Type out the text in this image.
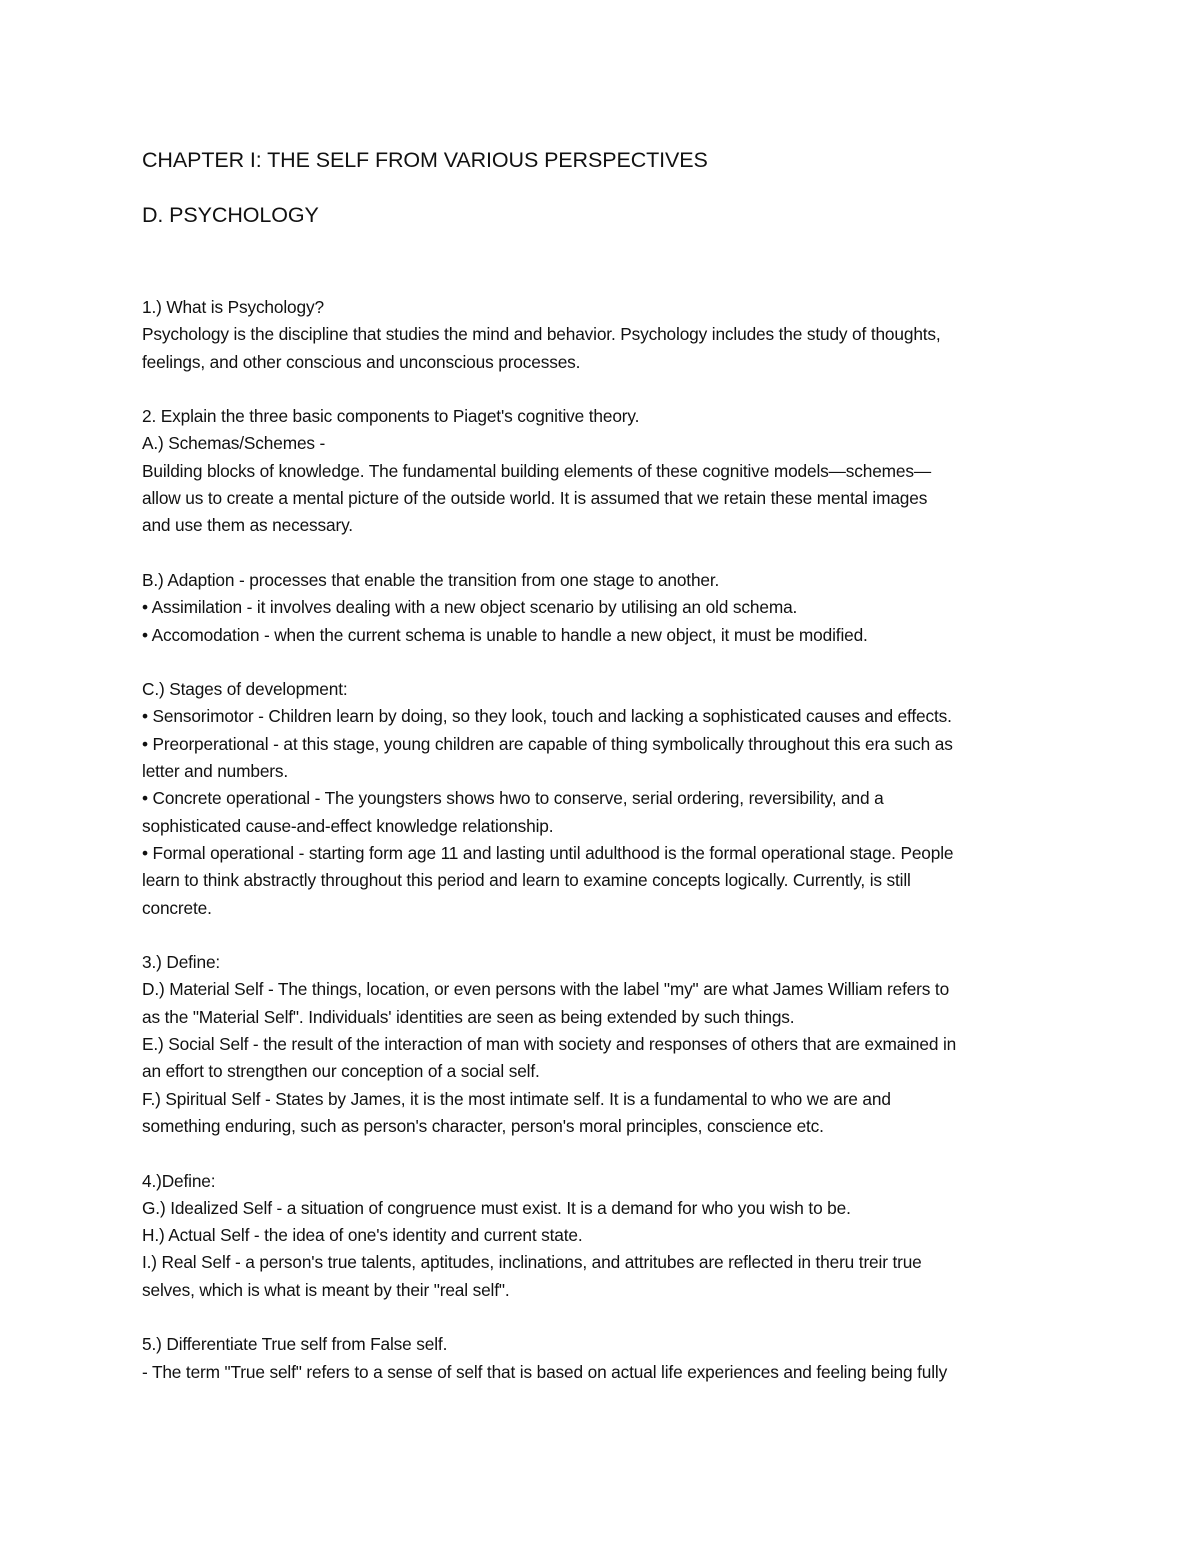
CHAPTER I: THE SELF FROM VARIOUS PERSPECTIVES
D. PSYCHOLOGY

1.) What is Psychology?

Psychology is the discipline that studies the mind and behavior. Psychology includes the study of thoughts,

feelings, and other conscious and unconscious processes.

2. Explain the three basic components to Piaget's cognitive theory.

A.) Schemas/Schemes -

Building blocks of knowledge. The fundamental building elements of these cognitive models—schemes—

allow us to create a mental picture of the outside world. It is assumed that we retain these mental images

and use them as necessary.

B.) Adaption - processes that enable the transition from one stage to another.

• Assimilation - it involves dealing with a new object scenario by utilising an old schema.

• Accomodation - when the current schema is unable to handle a new object, it must be modified.

C.) Stages of development:

• Sensorimotor - Children learn by doing, so they look, touch and lacking a sophisticated causes and effects.

• Preorperational - at this stage, young children are capable of thing symbolically throughout this era such as

letter and numbers.

• Concrete operational - The youngsters shows hwo to conserve, serial ordering, reversibility, and a

sophisticated cause-and-effect knowledge relationship.

• Formal operational - starting form age 11 and lasting until adulthood is the formal operational stage. People

learn to think abstractly throughout this period and learn to examine concepts logically. Currently, is still

concrete.

3.) Define:

D.) Material Self - The things, location, or even persons with the label "my" are what James William refers to

as the "Material Self". Individuals' identities are seen as being extended by such things.

E.) Social Self - the result of the interaction of man with society and responses of others that are exmained in

an effort to strengthen our conception of a social self.

F.) Spiritual Self - States by James, it is the most intimate self. It is a fundamental to who we are and

something enduring, such as person's character, person's moral principles, conscience etc.

4.)Define:

G.) Idealized Self - a situation of congruence must exist. It is a demand for who you wish to be.

H.) Actual Self - the idea of one's identity and current state.

I.) Real Self - a person's true talents, aptitudes, inclinations, and attritubes are reflected in theru treir true

selves, which is what is meant by their "real self".

5.) Differentiate True self from False self.

- The term "True self" refers to a sense of self that is based on actual life experiences and feeling being fully
